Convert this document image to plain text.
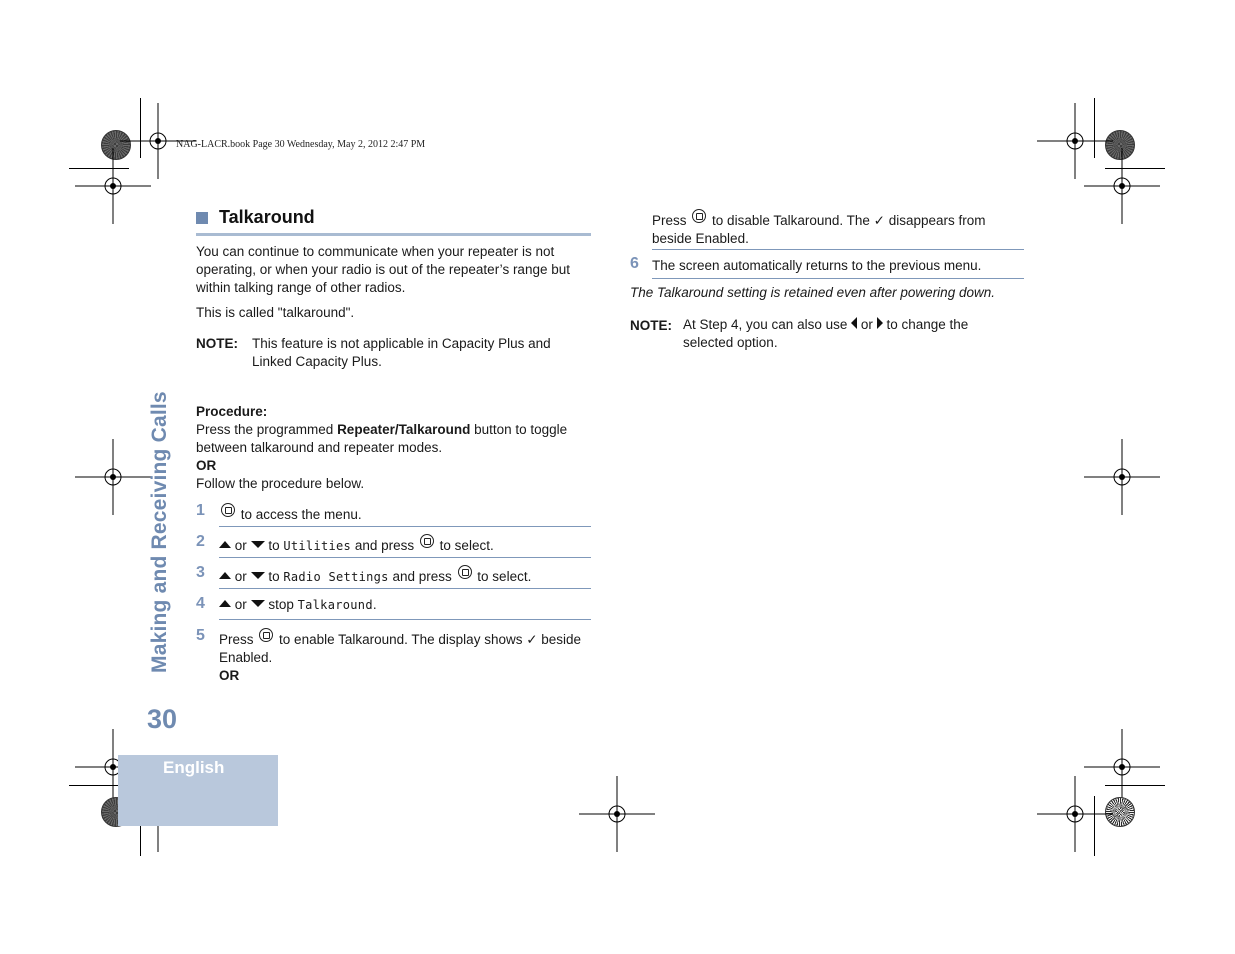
NAG-LACR.book Page 30 Wednesday, May 2, 2012 2:47 PM
Making and Receiving Calls
30
English
Talkaround
You can continue to communicate when your repeater is not operating, or when your radio is out of the repeater’s range but within talking range of other radios.
This is called "talkaround".
NOTE: This feature is not applicable in Capacity Plus and Linked Capacity Plus.
Procedure:
Press the programmed Repeater/Talkaround button to toggle between talkaround and repeater modes.
OR
Follow the procedure below.
1	to access the menu.
2	or to Utilities and press to select.
3	or to Radio Settings and press to select.
4	or stop Talkaround.
5 Press to enable Talkaround. The display shows ✓ beside Enabled.
OR
Press to disable Talkaround. The ✓ disappears from beside Enabled.
6 The screen automatically returns to the previous menu.
The Talkaround setting is retained even after powering down.
NOTE: At Step 4, you can also use or to change the selected option.
